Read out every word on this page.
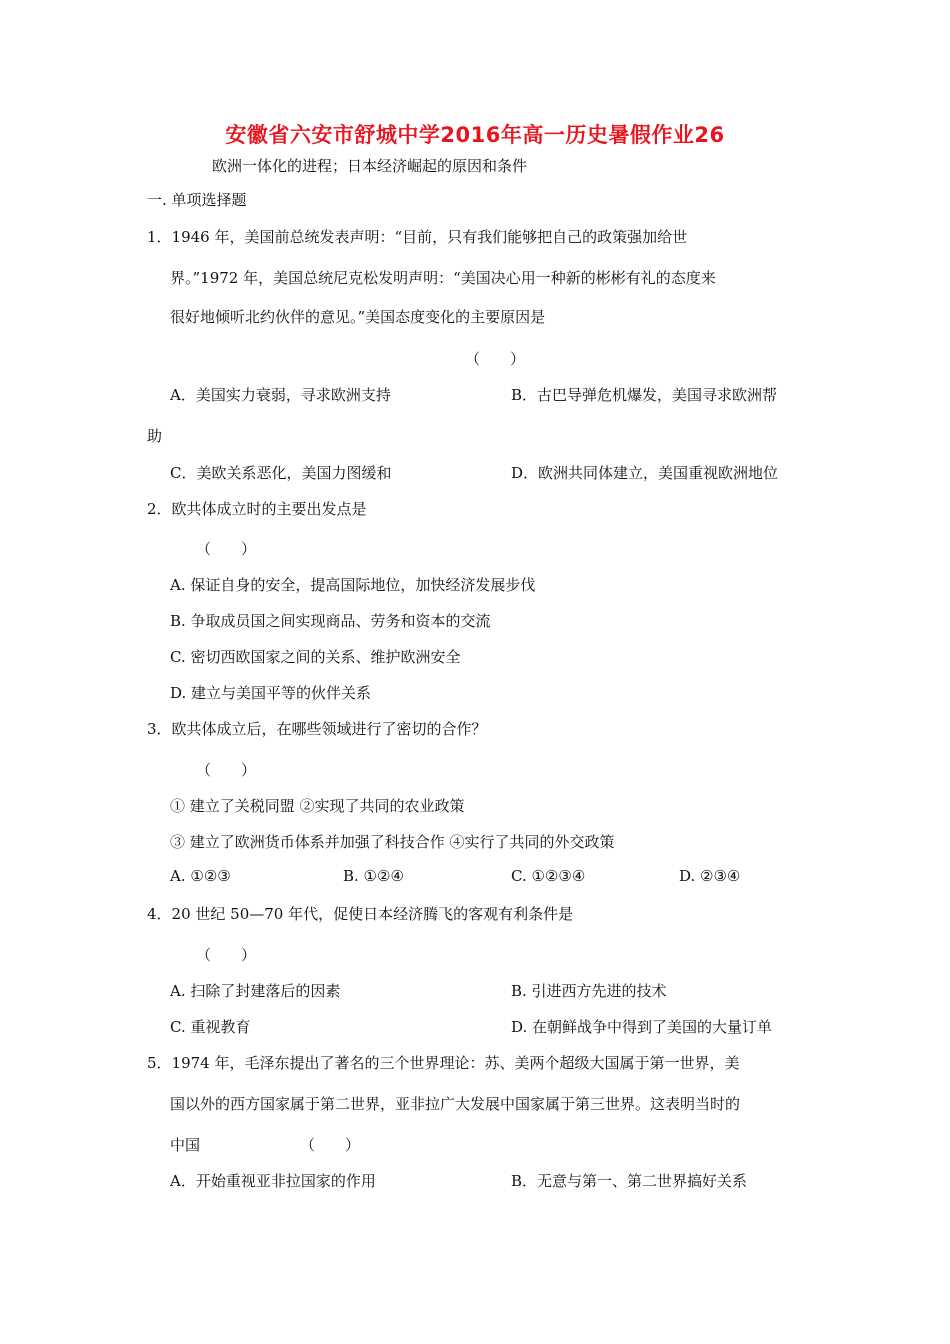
安徽省六安市舒城中学2016年高一历史暑假作业26
欧洲一体化的进程；日本经济崛起的原因和条件
一. 单项选择题
1．1946 年，美国前总统发表声明：“目前，只有我们能够把自己的政策强加给世
界。”1972 年，美国总统尼克松发明声明：“美国决心用一种新的彬彬有礼的态度来
很好地倾听北约伙伴的意见。”美国态度变化的主要原因是
（　　）
A．美国实力衰弱，寻求欧洲支持	B．古巴导弹危机爆发，美国寻求欧洲帮
助
C．美欧关系恶化，美国力图缓和	D．欧洲共同体建立，美国重视欧洲地位
2．欧共体成立时的主要出发点是
（　　）
A. 保证自身的安全，提高国际地位，加快经济发展步伐
B. 争取成员国之间实现商品、劳务和资本的交流
C. 密切西欧国家之间的关系、维护欧洲安全
D. 建立与美国平等的伙伴关系
3．欧共体成立后，在哪些领域进行了密切的合作？
（　　）
① 建立了关税同盟 ②实现了共同的农业政策
③ 建立了欧洲货币体系并加强了科技合作 ④实行了共同的外交政策
A. ①②③	B. ①②④	C. ①②③④	D. ②③④
4．20 世纪 50—70 年代，促使日本经济腾飞的客观有利条件是
（　　）
A. 扫除了封建落后的因素	B. 引进西方先进的技术
C. 重视教育	D. 在朝鲜战争中得到了美国的大量订单
5．1974 年，毛泽东提出了著名的三个世界理论：苏、美两个超级大国属于第一世界，美
国以外的西方国家属于第二世界，亚非拉广大发展中国家属于第三世界。这表明当时的
中国	（　　）
A．开始重视亚非拉国家的作用	B．无意与第一、第二世界搞好关系
